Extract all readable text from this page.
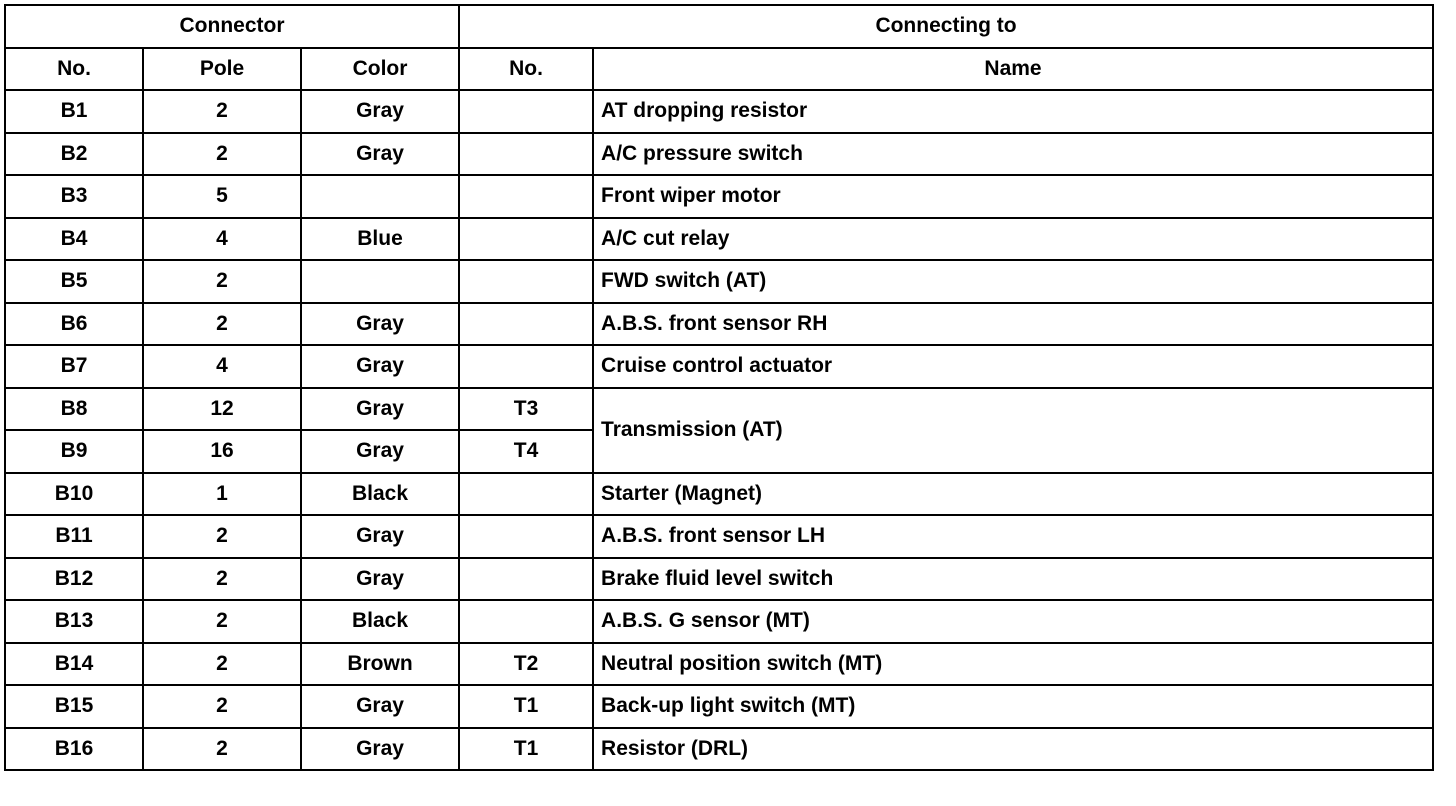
Connector			Connecting to	
No.	Pole	Color	No.	Name
B1	2	Gray		AT dropping resistor
B2	2	Gray		A/C pressure switch
B3	5			Front wiper motor
B4	4	Blue		A/C cut relay
B5	2			FWD switch (AT)
B6	2	Gray		A.B.S. front sensor RH
B7	4	Gray		Cruise control actuator
B8	12	Gray	T3	Transmission (AT)
B9	16	Gray	T4	
B10	1	Black		Starter (Magnet)
B11	2	Gray		A.B.S. front sensor LH
B12	2	Gray		Brake fluid level switch
B13	2	Black		A.B.S. G sensor (MT)
B14	2	Brown	T2	Neutral position switch (MT)
B15	2	Gray	T1	Back-up light switch (MT)
B16	2	Gray	T1	Resistor (DRL)
